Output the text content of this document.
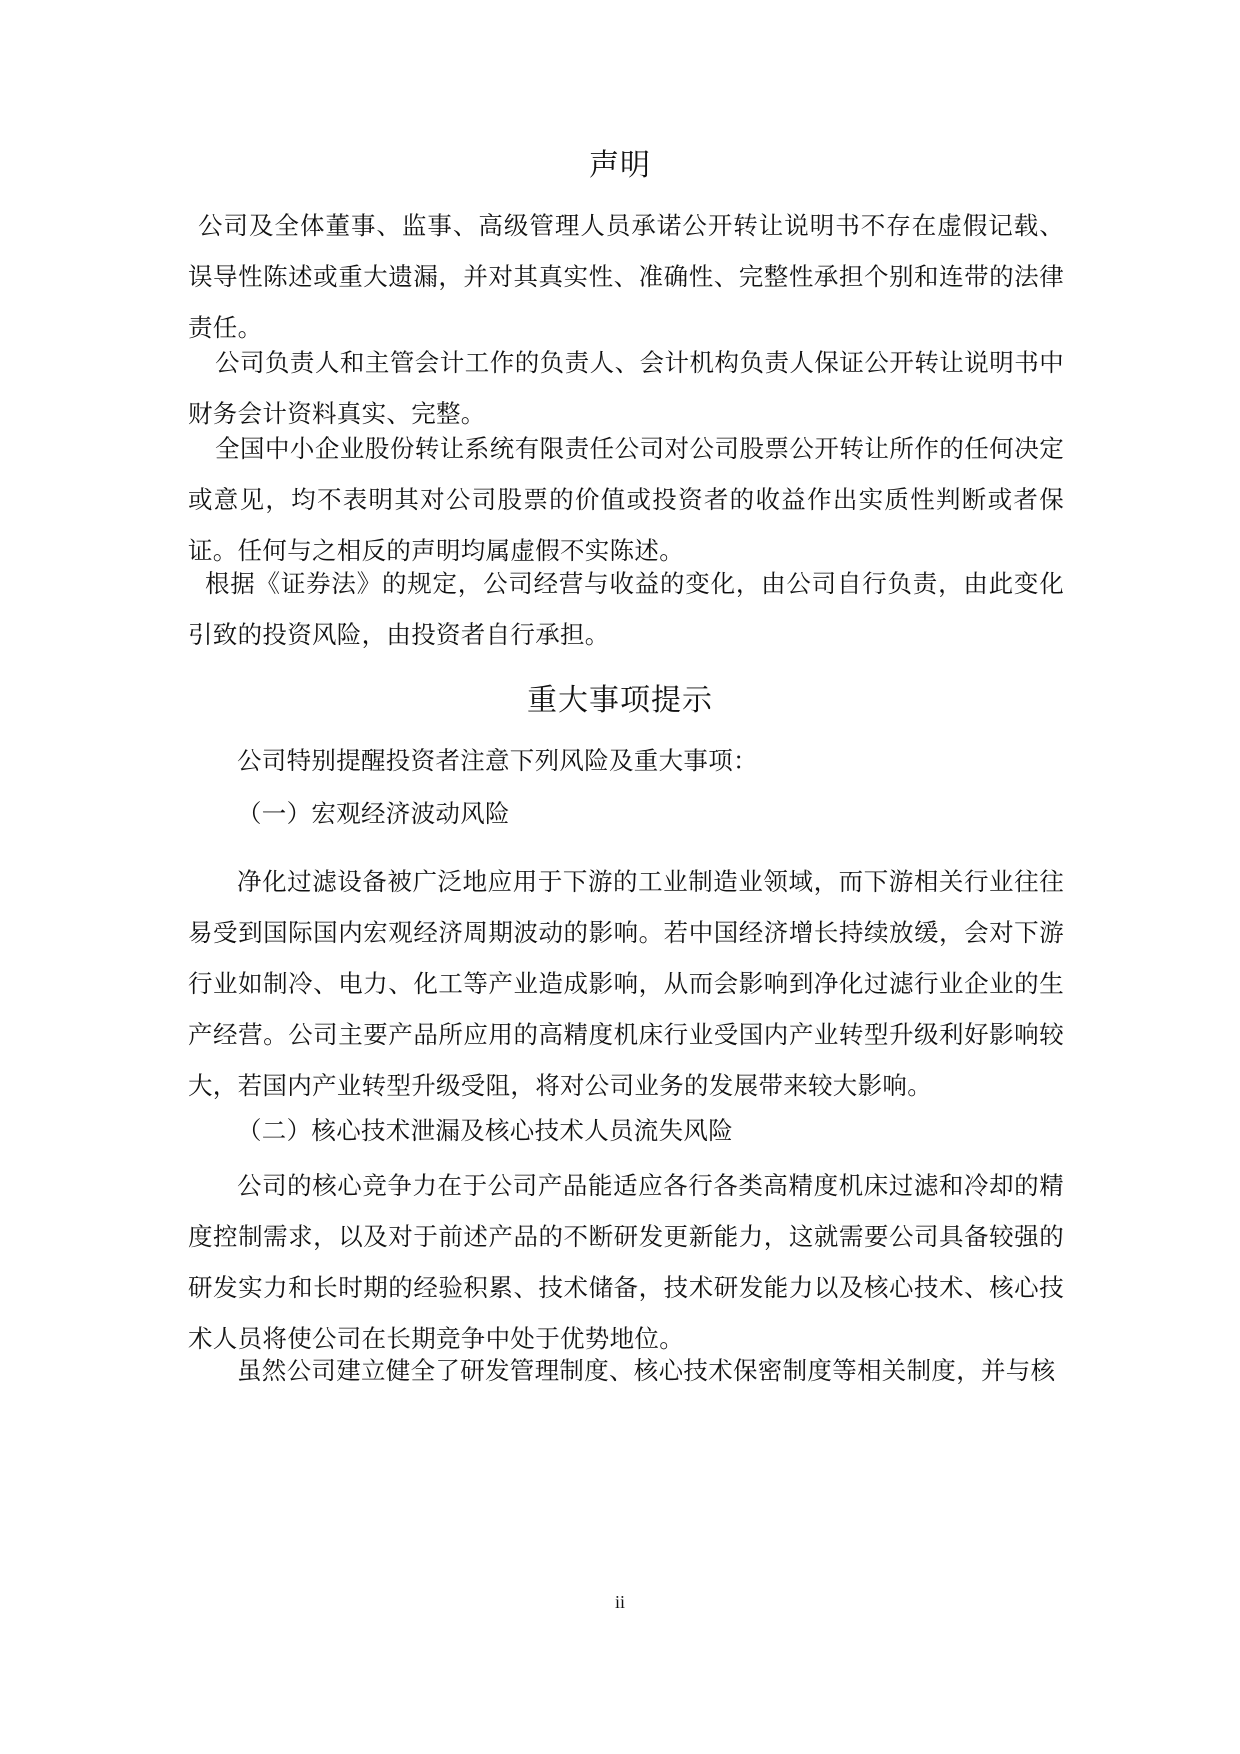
声明

公司及全体董事、监事、高级管理人员承诺公开转让说明书不存在虚假记载、误导性陈述或重大遗漏，并对其真实性、准确性、完整性承担个别和连带的法律责任。

公司负责人和主管会计工作的负责人、会计机构负责人保证公开转让说明书中财务会计资料真实、完整。

全国中小企业股份转让系统有限责任公司对公司股票公开转让所作的任何决定或意见，均不表明其对公司股票的价值或投资者的收益作出实质性判断或者保证。任何与之相反的声明均属虚假不实陈述。

根据《证券法》的规定，公司经营与收益的变化，由公司自行负责，由此变化引致的投资风险，由投资者自行承担。

重大事项提示

公司特别提醒投资者注意下列风险及重大事项：

（一）宏观经济波动风险

净化过滤设备被广泛地应用于下游的工业制造业领域，而下游相关行业往往易受到国际国内宏观经济周期波动的影响。若中国经济增长持续放缓，会对下游行业如制冷、电力、化工等产业造成影响，从而会影响到净化过滤行业企业的生产经营。公司主要产品所应用的高精度机床行业受国内产业转型升级利好影响较大，若国内产业转型升级受阻，将对公司业务的发展带来较大影响。

（二）核心技术泄漏及核心技术人员流失风险

公司的核心竞争力在于公司产品能适应各行各类高精度机床过滤和冷却的精度控制需求，以及对于前述产品的不断研发更新能力，这就需要公司具备较强的研发实力和长时期的经验积累、技术储备，技术研发能力以及核心技术、核心技术人员将使公司在长期竞争中处于优势地位。

虽然公司建立健全了研发管理制度、核心技术保密制度等相关制度，并与核

ii
